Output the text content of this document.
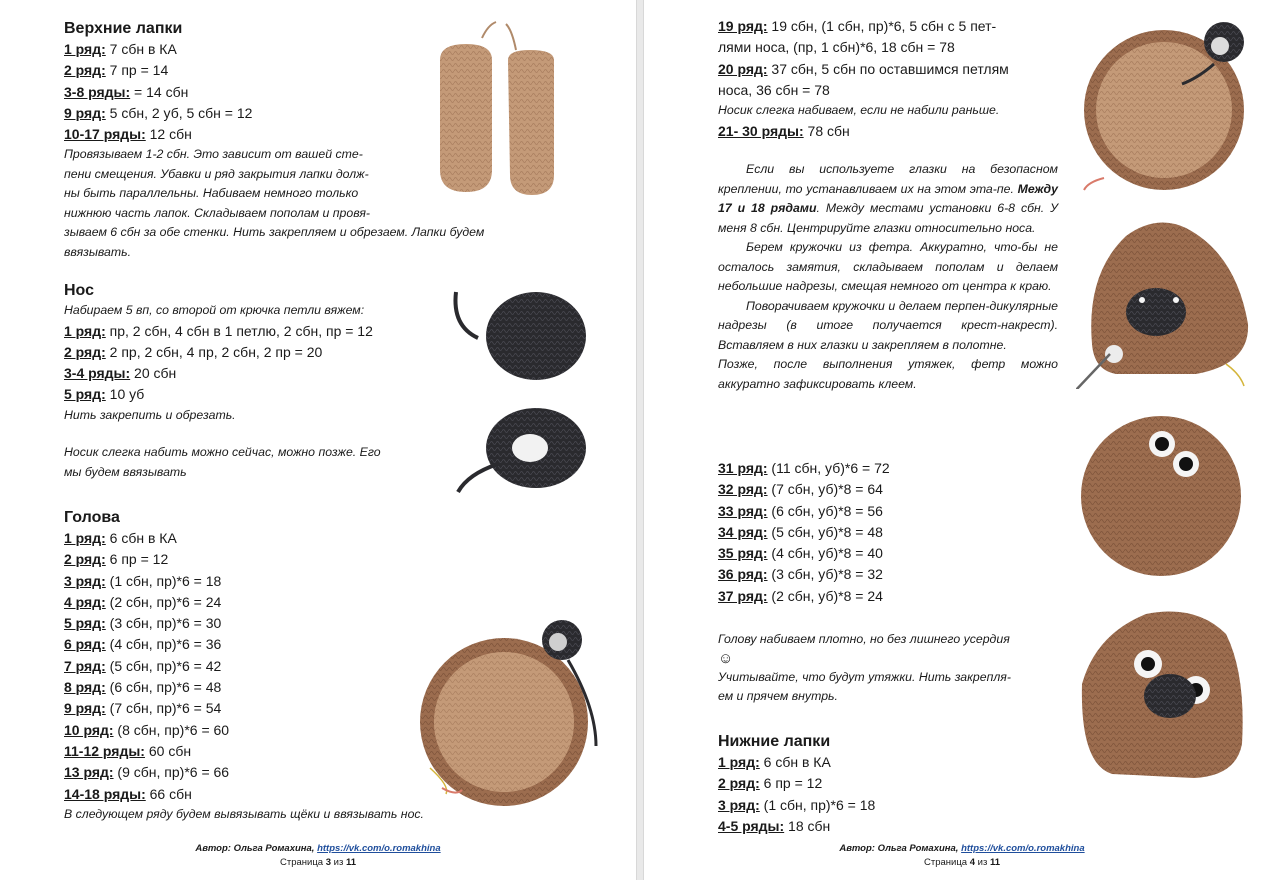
Верхние лапки
1 ряд: 7 сбн в КА
2 ряд: 7 пр = 14
3-8 ряды: = 14 сбн
9 ряд: 5 сбн, 2 уб, 5 сбн = 12
10-17 ряды: 12 сбн
Провязываем 1-2 сбн. Это зависит от вашей сте-
пени смещения. Убавки и ряд закрытия лапки долж-
ны быть параллельны. Набиваем немного только
нижнюю часть лапок. Складываем пополам и провя-
зываем 6 сбн за обе стенки. Нить закрепляем и обрезаем. Лапки будем
ввязывать.
Нос
Набираем 5 вп, со второй от крючка петли вяжем:
1 ряд: пр, 2 сбн, 4 сбн в 1 петлю, 2 сбн, пр = 12
2 ряд: 2 пр, 2 сбн, 4 пр, 2 сбн, 2 пр = 20
3-4 ряды: 20 сбн
5 ряд: 10 уб
Нить закрепить и обрезать.
Носик слегка набить можно сейчас, можно позже. Его
мы будем ввязывать
Голова
1 ряд: 6 сбн в КА
2 ряд: 6 пр = 12
3 ряд: (1 сбн, пр)*6 = 18
4 ряд: (2 сбн, пр)*6 = 24
5 ряд: (3 сбн, пр)*6 = 30
6 ряд: (4 сбн, пр)*6 = 36
7 ряд: (5 сбн, пр)*6 = 42
8 ряд: (6 сбн, пр)*6 = 48
9 ряд: (7 сбн, пр)*6 = 54
10 ряд: (8 сбн, пр)*6 = 60
11-12 ряды: 60 сбн
13 ряд: (9 сбн, пр)*6 = 66
14-18 ряды: 66 сбн
В следующем ряду будем вывязывать щёки и ввязывать нос.
Автор: Ольга Ромахина, https://vk.com/o.romakhina
Страница 3 из 11
19 ряд: 19 сбн, (1 сбн, пр)*6, 5 сбн с 5 пет-
лями носа, (пр, 1 сбн)*6, 18 сбн = 78
20 ряд: 37 сбн, 5 сбн по оставшимся петлям
носа, 36 сбн = 78
Носик слегка набиваем, если не набили раньше.
21- 30 ряды: 78 сбн
Если вы используете глазки на безопасном креплении, то устанавливаем их на этом эта-пе. Между 17 и 18 рядами. Между местами установки 6-8 сбн. У меня 8 сбн. Центрируйте глазки относительно носа.
Берем кружочки из фетра. Аккуратно, что-бы не осталось замятия, складываем пополам и делаем небольшие надрезы, смещая немного от центра к краю.
Поворачиваем кружочки и делаем перпен-дикулярные надрезы (в итоге получается крест-накрест). Вставляем в них глазки и закрепляем в полотне.
Позже, после выполнения утяжек, фетр можно аккуратно зафиксировать клеем.
31 ряд: (11 сбн, уб)*6 = 72
32 ряд: (7 сбн, уб)*8 = 64
33 ряд: (6 сбн, уб)*8 = 56
34 ряд: (5 сбн, уб)*8 = 48
35 ряд: (4 сбн, уб)*8 = 40
36 ряд: (3 сбн, уб)*8 = 32
37 ряд: (2 сбн, уб)*8 = 24
Голову набиваем плотно, но без лишнего усердия
☺
Учитывайте, что будут утяжки. Нить закрепля-
ем и прячем внутрь.
Нижние лапки
1 ряд: 6 сбн в КА
2 ряд: 6 пр = 12
3 ряд: (1 сбн, пр)*6 = 18
4-5 ряды: 18 сбн
Автор: Ольга Ромахина, https://vk.com/o.romakhina
Страница 4 из 11
